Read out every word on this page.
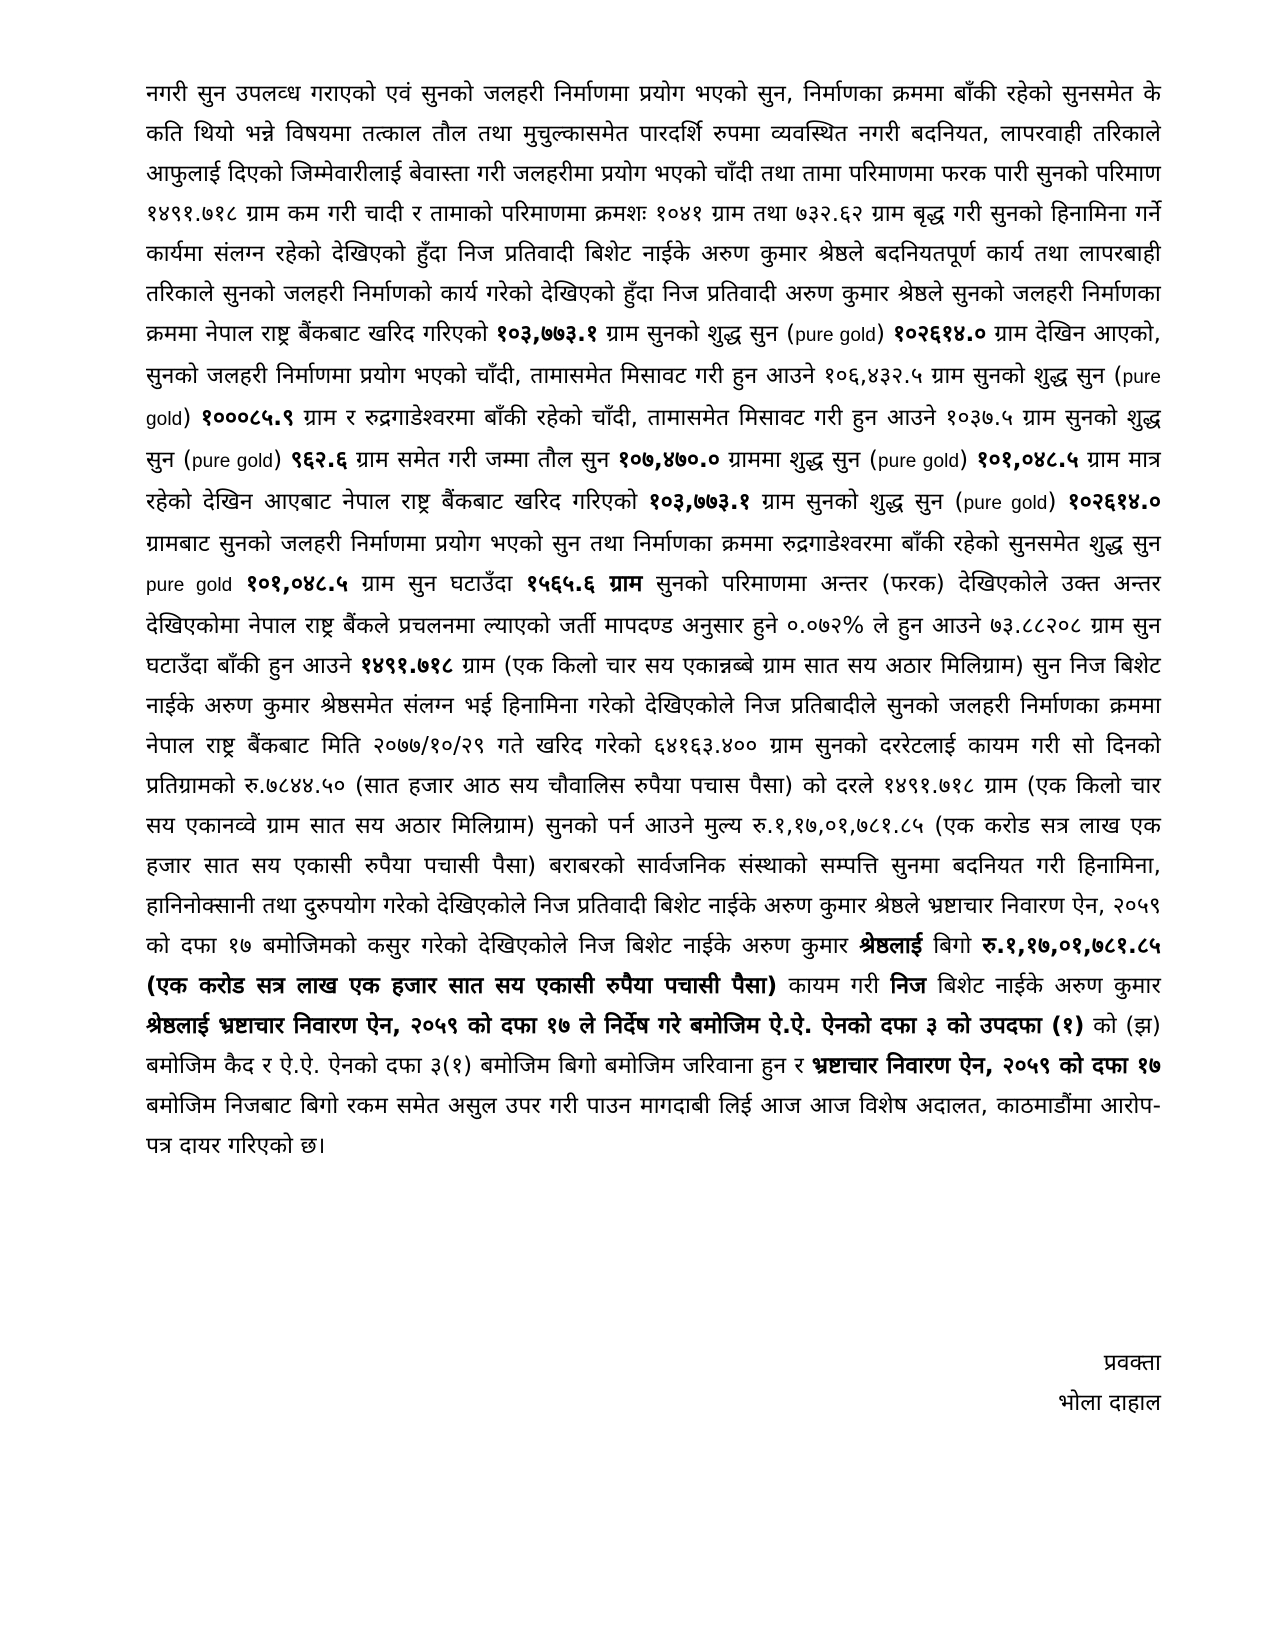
नगरी सुन उपलव्ध गराएको एवं सुनको जलहरी निर्माणमा प्रयोग भएको सुन, निर्माणका क्रममा बाँकी रहेको सुनसमेत के कति थियो भन्ने विषयमा तत्काल तौल तथा मुचुल्कासमेत पारदर्शि रुपमा व्यवस्थित नगरी बदनियत, लापरवाही तरिकाले आफुलाई दिएको जिम्मेवारीलाई बेवास्ता गरी जलहरीमा प्रयोग भएको चाँदी तथा तामा परिमाणमा फरक पारी सुनको परिमाण १४९१.७१८ ग्राम कम गरी चादी र तामाको परिमाणमा क्रमशः १०४१ ग्राम तथा ७३२.६२ ग्राम बृद्ध गरी सुनको हिनामिना गर्ने कार्यमा संलग्न रहेको देखिएको हुँदा निज प्रतिवादी बिशेट नाईके अरुण कुमार श्रेष्ठले बदनियतपूर्ण कार्य तथा लापरबाही तरिकाले सुनको जलहरी निर्माणको कार्य गरेको देखिएको हुँदा निज प्रतिवादी अरुण कुमार श्रेष्ठले सुनको जलहरी निर्माणका क्रममा नेपाल राष्ट्र बैंकबाट खरिद गरिएको १०३,७७३.१ ग्राम सुनको शुद्ध सुन (pure gold) १०२६१४.० ग्राम देखिन आएको, सुनको जलहरी निर्माणमा प्रयोग भएको चाँदी, तामासमेत मिसावट गरी हुन आउने १०६,४३२.५ ग्राम सुनको शुद्ध सुन (pure gold) १०००८५.९ ग्राम र रुद्रगाडेश्वरमा बाँकी रहेको चाँदी, तामासमेत मिसावट गरी हुन आउने १०३७.५ ग्राम सुनको शुद्ध सुन (pure gold) ९६२.६ ग्राम समेत गरी जम्मा तौल सुन १०७,४७०.० ग्राममा शुद्ध सुन (pure gold) १०१,०४८.५ ग्राम मात्र रहेको देखिन आएबाट नेपाल राष्ट्र बैंकबाट खरिद गरिएको १०३,७७३.१ ग्राम सुनको शुद्ध सुन (pure gold) १०२६१४.० ग्रामबाट सुनको जलहरी निर्माणमा प्रयोग भएको सुन तथा निर्माणका क्रममा रुद्रगाडेश्वरमा बाँकी रहेको सुनसमेत शुद्ध सुन pure gold १०१,०४८.५ ग्राम सुन घटाउँदा १५६५.६ ग्राम सुनको परिमाणमा अन्तर (फरक) देखिएकोले उक्त अन्तर देखिएकोमा नेपाल राष्ट्र बैंकले प्रचलनमा ल्याएको जर्ती मापदण्ड अनुसार हुने ०.०७२% ले हुन आउने ७३.८८२०८ ग्राम सुन घटाउँदा बाँकी हुन आउने १४९१.७१८ ग्राम (एक किलो चार सय एकान्नब्बे ग्राम सात सय अठार मिलिग्राम) सुन निज बिशेट नाईके अरुण कुमार श्रेष्ठसमेत संलग्न भई हिनामिना गरेको देखिएकोले निज प्रतिबादीले सुनको जलहरी निर्माणका क्रममा नेपाल राष्ट्र बैंकबाट मिति २०७७/१०/२९ गते खरिद गरेको ६४१६३.४०० ग्राम सुनको दररेटलाई कायम गरी सो दिनको प्रतिग्रामको रु.७८४४.५० (सात हजार आठ सय चौवालिस रुपैया पचास पैसा) को दरले १४९१.७१८ ग्राम (एक किलो चार सय एकानव्वे ग्राम सात सय अठार मिलिग्राम) सुनको पर्न आउने मुल्य रु.१,१७,०१,७८१.८५ (एक करोड सत्र लाख एक हजार सात सय एकासी रुपैया पचासी पैसा) बराबरको सार्वजनिक संस्थाको सम्पत्ति सुनमा बदनियत गरी हिनामिना, हानिनोक्सानी तथा दुरुपयोग गरेको देखिएकोले निज प्रतिवादी बिशेट नाईके अरुण कुमार श्रेष्ठले भ्रष्टाचार निवारण ऐन, २०५९ को दफा १७ बमोजिमको कसुर गरेको देखिएकोले निज बिशेट नाईके अरुण कुमार श्रेष्ठलाई बिगो रु.१,१७,०१,७८१.८५ (एक करोड सत्र लाख एक हजार सात सय एकासी रुपैया पचासी पैसा) कायम गरी निज बिशेट नाईके अरुण कुमार श्रेष्ठलाई भ्रष्टाचार निवारण ऐन, २०५९ को दफा १७ ले निर्देष गरे बमोजिम ऐ.ऐ. ऐनको दफा ३ को उपदफा (१) को (झ) बमोजिम कैद र ऐ.ऐ. ऐनको दफा ३(१) बमोजिम बिगो बमोजिम जरिवाना हुन र भ्रष्टाचार निवारण ऐन, २०५९ को दफा १७ बमोजिम निजबाट बिगो रकम समेत असुल उपर गरी पाउन मागदाबी लिई आज आज विशेष अदालत, काठमाडौंमा आरोप-पत्र दायर गरिएको छ।

प्रवक्ता
भोला दाहाल
